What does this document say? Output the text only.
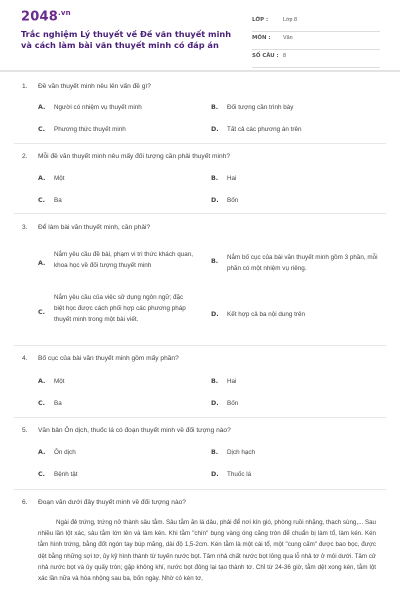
$2048^{.vn}$
Trắc nghiệm Lý thuyết về Đề văn thuyết minh và cách làm bài văn thuyết minh có đáp án
LỚP :	Lớp 8
MÔN : Văn
SỐ CÂU : 8
1. Đề văn thuyết minh nêu lên vấn đề gì?
A. Người có nhiệm vụ thuyết minh	B. Đối tượng cần trình bày
C. Phương thức thuyết minh	D. Tất cả các phương án trên
2. Mỗi đề văn thuyết minh nêu mấy đối tượng cần phải thuyết minh?
A. Một	B. Hai
C. Ba	D. Bốn
3. Để làm bài văn thuyết minh, cần phải?
A.
Nắm yêu cầu đề bài, phạm vi tri thức khách quan, khoa học về đối tượng thuyết minh
B.
Nắm bố cục của bài văn thuyết minh gồm 3 phần, mỗi phần có một nhiệm vụ riêng.
C.
Nắm yêu cầu của việc sử dụng ngôn ngữ; đặc biệt học được cách phối hợp các phương pháp thuyết minh trong một bài viết.
D. Kết hợp cả ba nội dung trên
4. Bố cục của bài văn thuyết minh gồm mấy phần?
A. Một	B. Hai
C. Ba	D. Bốn
5. Văn bản Ôn dịch, thuốc lá có đoạn thuyết minh về đối tượng nào?
A. Ôn dịch	B. Dịch hạch
C. Bệnh tật	D. Thuốc lá
6. Đoạn văn dưới đây thuyết minh về đối tượng nào?
Ngài đẻ trứng, trứng nở thành sâu tằm. Sâu tằm ăn lá dâu, phải để nơi kín gió, phòng ruồi nhặng, thạch sùng,... Sau nhiều lần lột xác, sâu tằm lớn lên và làm kén. Khi tằm "chín" bụng vàng óng căng tròn để chuẩn bị làm tổ, làm kén. Kén tằm hình trứng, bằng đốt ngón tay búp măng, dài độ 1,5-2cm. Kén tằm là một cái tổ, một "cung cấm" được bao bọc, được dệt bằng những sợi tơ, ủy kỹ hình thành từ tuyến nước bọt. Tâm nhả chất nước bọt lỏng qua lỗ nhả tơ ở môi dưới. Tâm cử nhả nước bọt và ủy quấy tròn; gặp không khí, nước bọt đông lại tạo thành tơ. Chỉ từ 24-36 giờ, tằm dệt xong kén, tằm lột xác lần nữa và hóa nhộng sau ba, bốn ngày. Nhờ có kén tơ,
